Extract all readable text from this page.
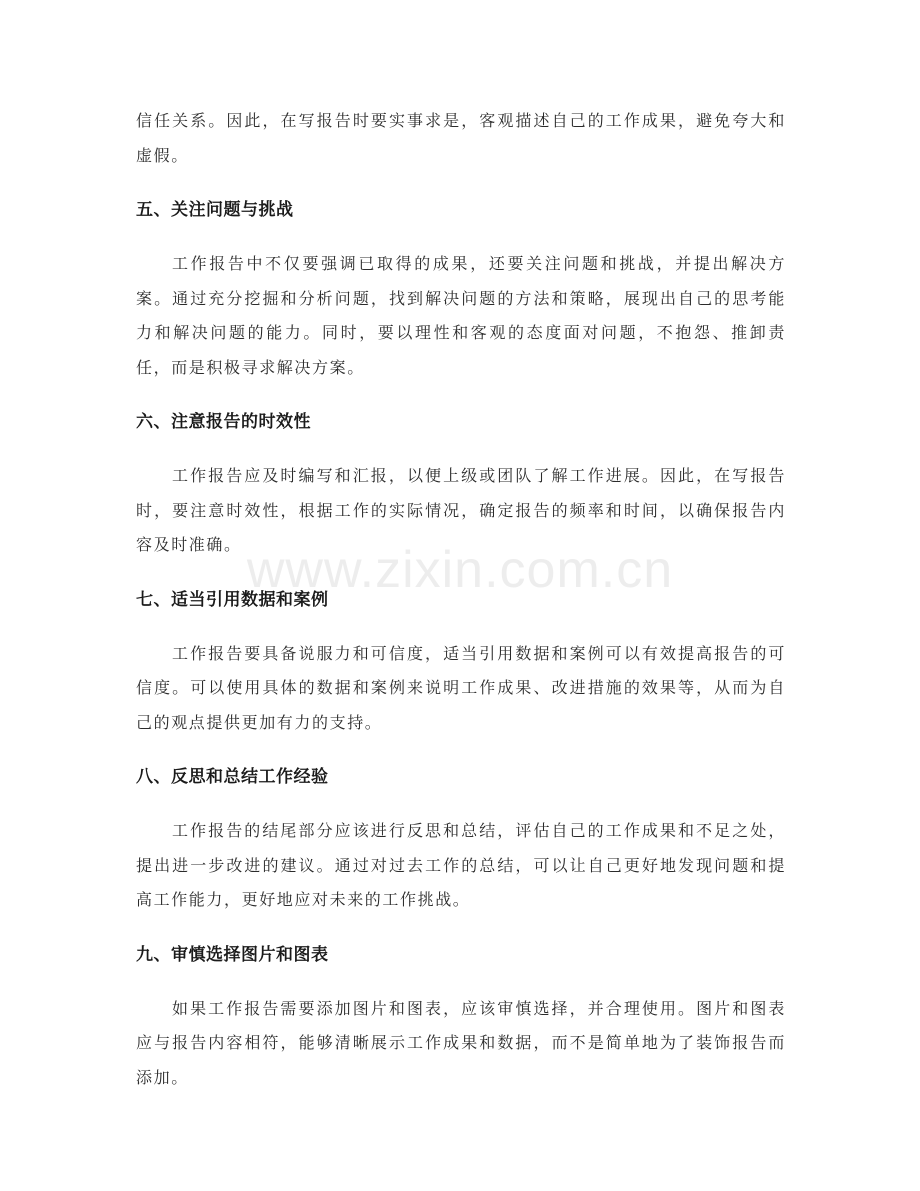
信任关系。因此，在写报告时要实事求是，客观描述自己的工作成果，避免夸大和虚假。

五、关注问题与挑战

工作报告中不仅要强调已取得的成果，还要关注问题和挑战，并提出解决方案。通过充分挖掘和分析问题，找到解决问题的方法和策略，展现出自己的思考能力和解决问题的能力。同时，要以理性和客观的态度面对问题，不抱怨、推卸责任，而是积极寻求解决方案。

六、注意报告的时效性

工作报告应及时编写和汇报，以便上级或团队了解工作进展。因此，在写报告时，要注意时效性，根据工作的实际情况，确定报告的频率和时间，以确保报告内容及时准确。

七、适当引用数据和案例

工作报告要具备说服力和可信度，适当引用数据和案例可以有效提高报告的可信度。可以使用具体的数据和案例来说明工作成果、改进措施的效果等，从而为自己的观点提供更加有力的支持。

八、反思和总结工作经验

工作报告的结尾部分应该进行反思和总结，评估自己的工作成果和不足之处，提出进一步改进的建议。通过对过去工作的总结，可以让自己更好地发现问题和提高工作能力，更好地应对未来的工作挑战。

九、审慎选择图片和图表

如果工作报告需要添加图片和图表，应该审慎选择，并合理使用。图片和图表应与报告内容相符，能够清晰展示工作成果和数据，而不是简单地为了装饰报告而添加。

www.zixin.com.cn
